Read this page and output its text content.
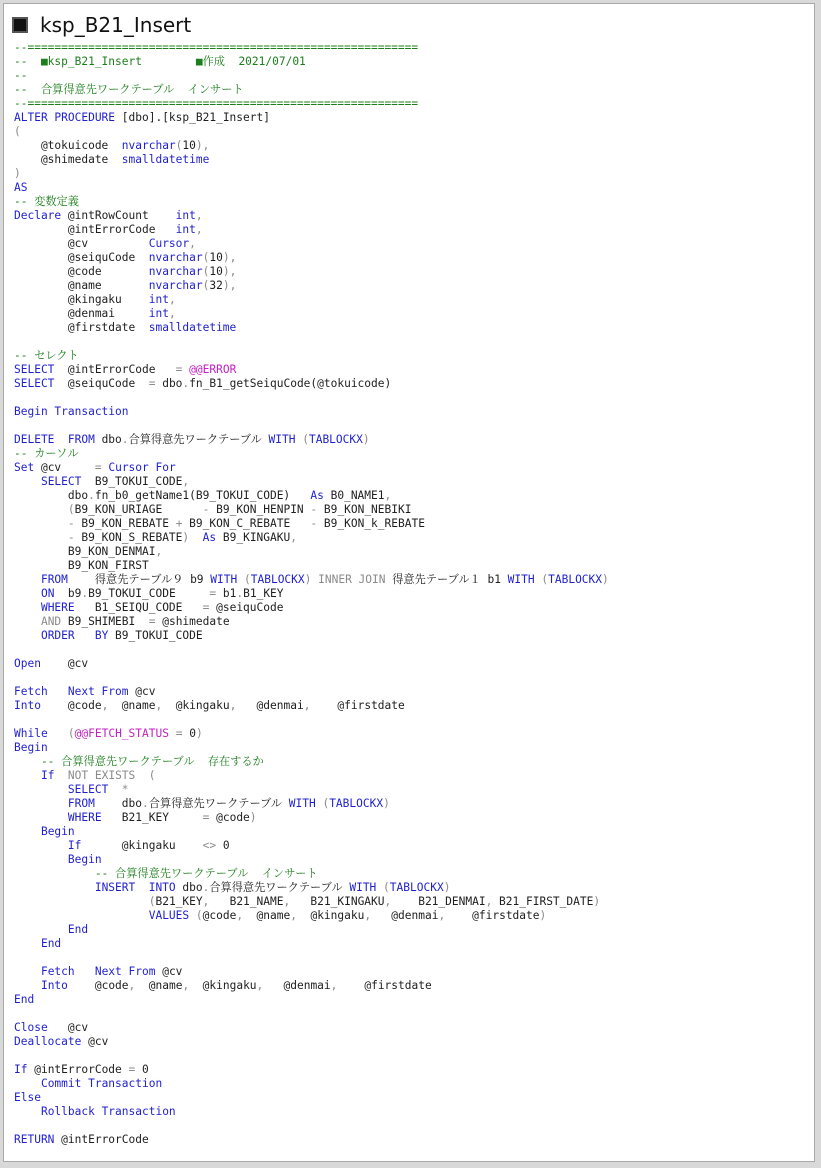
ksp_B21_Insert
--==========================================================
--  ■ksp_B21_Insert        ■作成  2021/07/01
--
--  合算得意先ワークテーブル  インサート
--==========================================================
ALTER PROCEDURE [dbo].[ksp_B21_Insert]
(
@tokuicode  nvarchar(10),
@shimedate  smalldatetime
)
AS
-- 変数定義
Declare @intRowCount    int,
@intErrorCode   int,
@cv         Cursor,
@seiquCode  nvarchar(10),
@code       nvarchar(10),
@name       nvarchar(32),
@kingaku    int,
@denmai     int,
@firstdate  smalldatetime
-- セレクト
SELECT  @intErrorCode   = @@ERROR
SELECT  @seiquCode  = dbo.fn_B1_getSeiquCode(@tokuicode)
Begin Transaction
DELETE  FROM dbo.合算得意先ワークテーブル WITH (TABLOCKX)
-- カーソル
Set @cv     = Cursor For
SELECT  B9_TOKUI_CODE,
dbo.fn_b0_getName1(B9_TOKUI_CODE)   As B0_NAME1,
(B9_KON_URIAGE      - B9_KON_HENPIN - B9_KON_NEBIKI
- B9_KON_REBATE + B9_KON_C_REBATE   - B9_KON_k_REBATE
- B9_KON_S_REBATE) As B9_KINGAKU,
B9_KON_DENMAI,
B9_KON_FIRST
FROM    得意先テーブル９ b9 WITH (TABLOCKX) INNER JOIN 得意先テーブル１ b1 WITH (TABLOCKX)
ON  b9.B9_TOKUI_CODE     = b1.B1_KEY
WHERE   B1_SEIQU_CODE   = @seiquCode
AND B9_SHIMEBI  = @shimedate
ORDER   BY B9_TOKUI_CODE
Open    @cv
Fetch   Next From @cv
Into    @code,  @name,  @kingaku,   @denmai,    @firstdate
While (@@FETCH_STATUS = 0)
Begin
-- 合算得意先ワークテーブル  存在するか
If NOT EXISTS  (
SELECT *
FROM    dbo.合算得意先ワークテーブル WITH (TABLOCKX)
WHERE   B21_KEY     = @code)
Begin
If      @kingaku    <> 0
Begin
-- 合算得意先ワークテーブル  インサート
INSERT  INTO dbo.合算得意先ワークテーブル WITH (TABLOCKX)
(B21_KEY,   B21_NAME,   B21_KINGAKU,    B21_DENMAI, B21_FIRST_DATE)
VALUES (@code,  @name,  @kingaku,   @denmai,    @firstdate)
End
End
Fetch   Next From @cv
Into    @code,  @name,  @kingaku,   @denmai,    @firstdate
End
Close   @cv
Deallocate @cv
If @intErrorCode = 0
Commit Transaction
Else
Rollback Transaction
RETURN @intErrorCode
